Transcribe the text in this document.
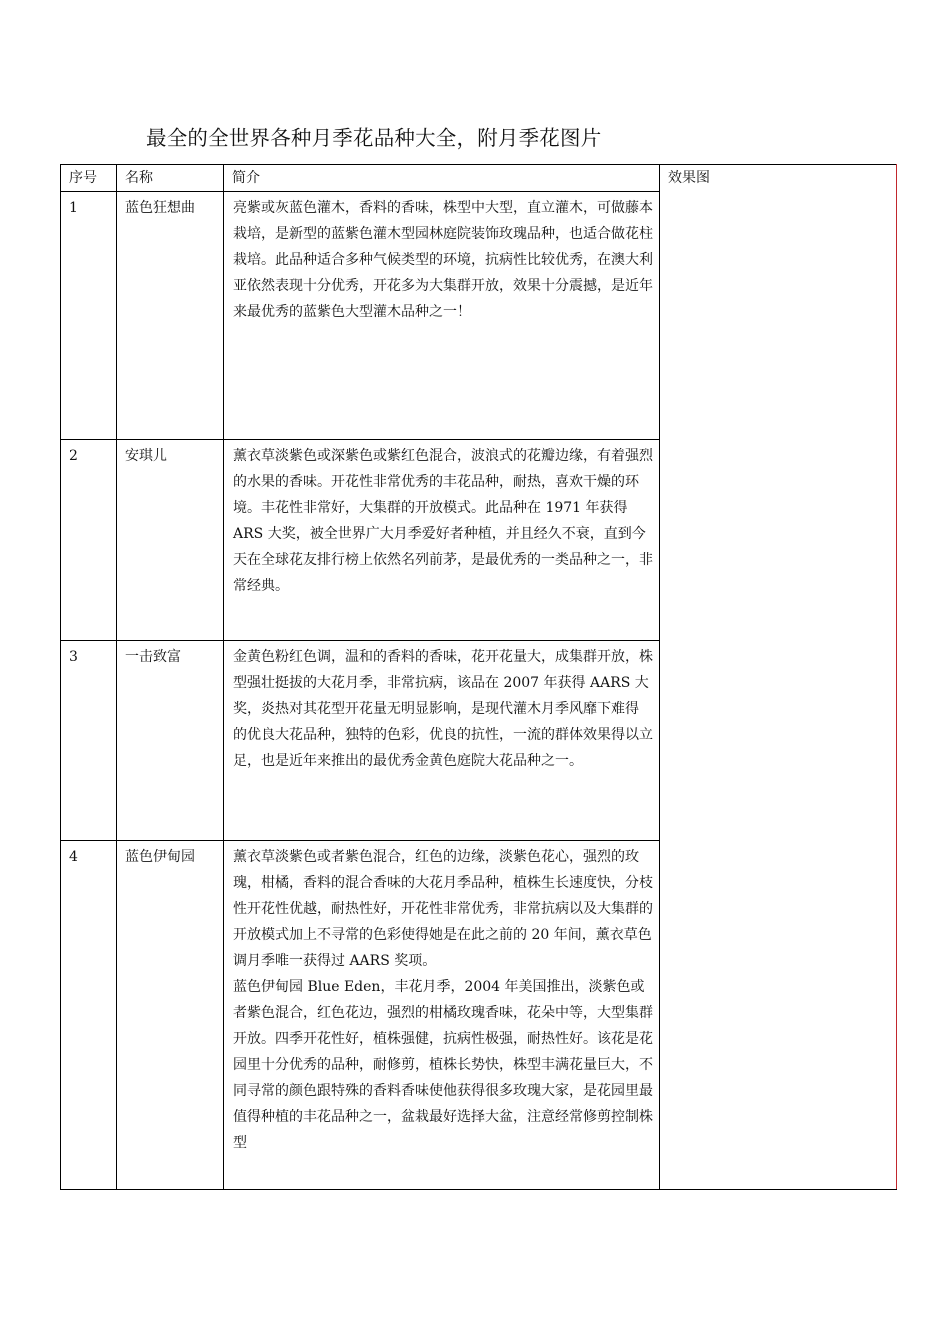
最全的全世界各种月季花品种大全，附月季花图片
序号	名称	简介	效果图
1	蓝色狂想曲	亮紫或灰蓝色灌木，香料的香味，株型中大型，直立灌木，可做藤本栽培，是新型的蓝紫色灌木型园林庭院装饰玫瑰品种，也适合做花柱栽培。此品种适合多种气候类型的环境，抗病性比较优秀，在澳大利亚依然表现十分优秀，开花多为大集群开放，效果十分震撼，是近年来最优秀的蓝紫色大型灌木品种之一！	

2	安琪儿	薰衣草淡紫色或深紫色或紫红色混合，波浪式的花瓣边缘，有着强烈的水果的香味。开花性非常优秀的丰花品种，耐热，喜欢干燥的环境。丰花性非常好，大集群的开放模式。此品种在 1971 年获得 ARS 大奖，被全世界广大月季爱好者种植，并且经久不衰，直到今天在全球花友排行榜上依然名列前茅，是最优秀的一类品种之一，非常经典。	

3	一击致富	金黄色粉红色调，温和的香料的香味，花开花量大，成集群开放，株型强壮挺拔的大花月季，非常抗病，该品在 2007 年获得 AARS 大奖，炎热对其花型开花量无明显影响，是现代灌木月季风靡下难得 的优良大花品种，独特的色彩，优良的抗性，一流的群体效果得以立足，也是近年来推出的最优秀金黄色庭院大花品种之一。	

4	蓝色伊甸园	薰衣草淡紫色或者紫色混合，红色的边缘，淡紫色花心，强烈的玫瑰，柑橘，香料的混合香味的大花月季品种，植株生长速度快，分枝性开花性优越，耐热性好，开花性非常优秀，非常抗病以及大集群的开放模式加上不寻常的色彩使得她是在此之前的 20 年间，薰衣草色调月季唯一获得过 AARS 奖项。

蓝色伊甸园 Blue Eden，丰花月季，2004 年美国推出，淡紫色或者紫色混合，红色花边，强烈的柑橘玫瑰香味，花朵中等，大型集群开放。四季开花性好，植株强健，抗病性极强，耐热性好。该花是花园里十分优秀的品种，耐修剪，植株长势快，株型丰满花量巨大，不同寻常的颜色跟特殊的香料香味使他获得很多玫瑰大家，是花园里最值得种植的丰花品种之一，盆栽最好选择大盆，注意经常修剪控制株型	
